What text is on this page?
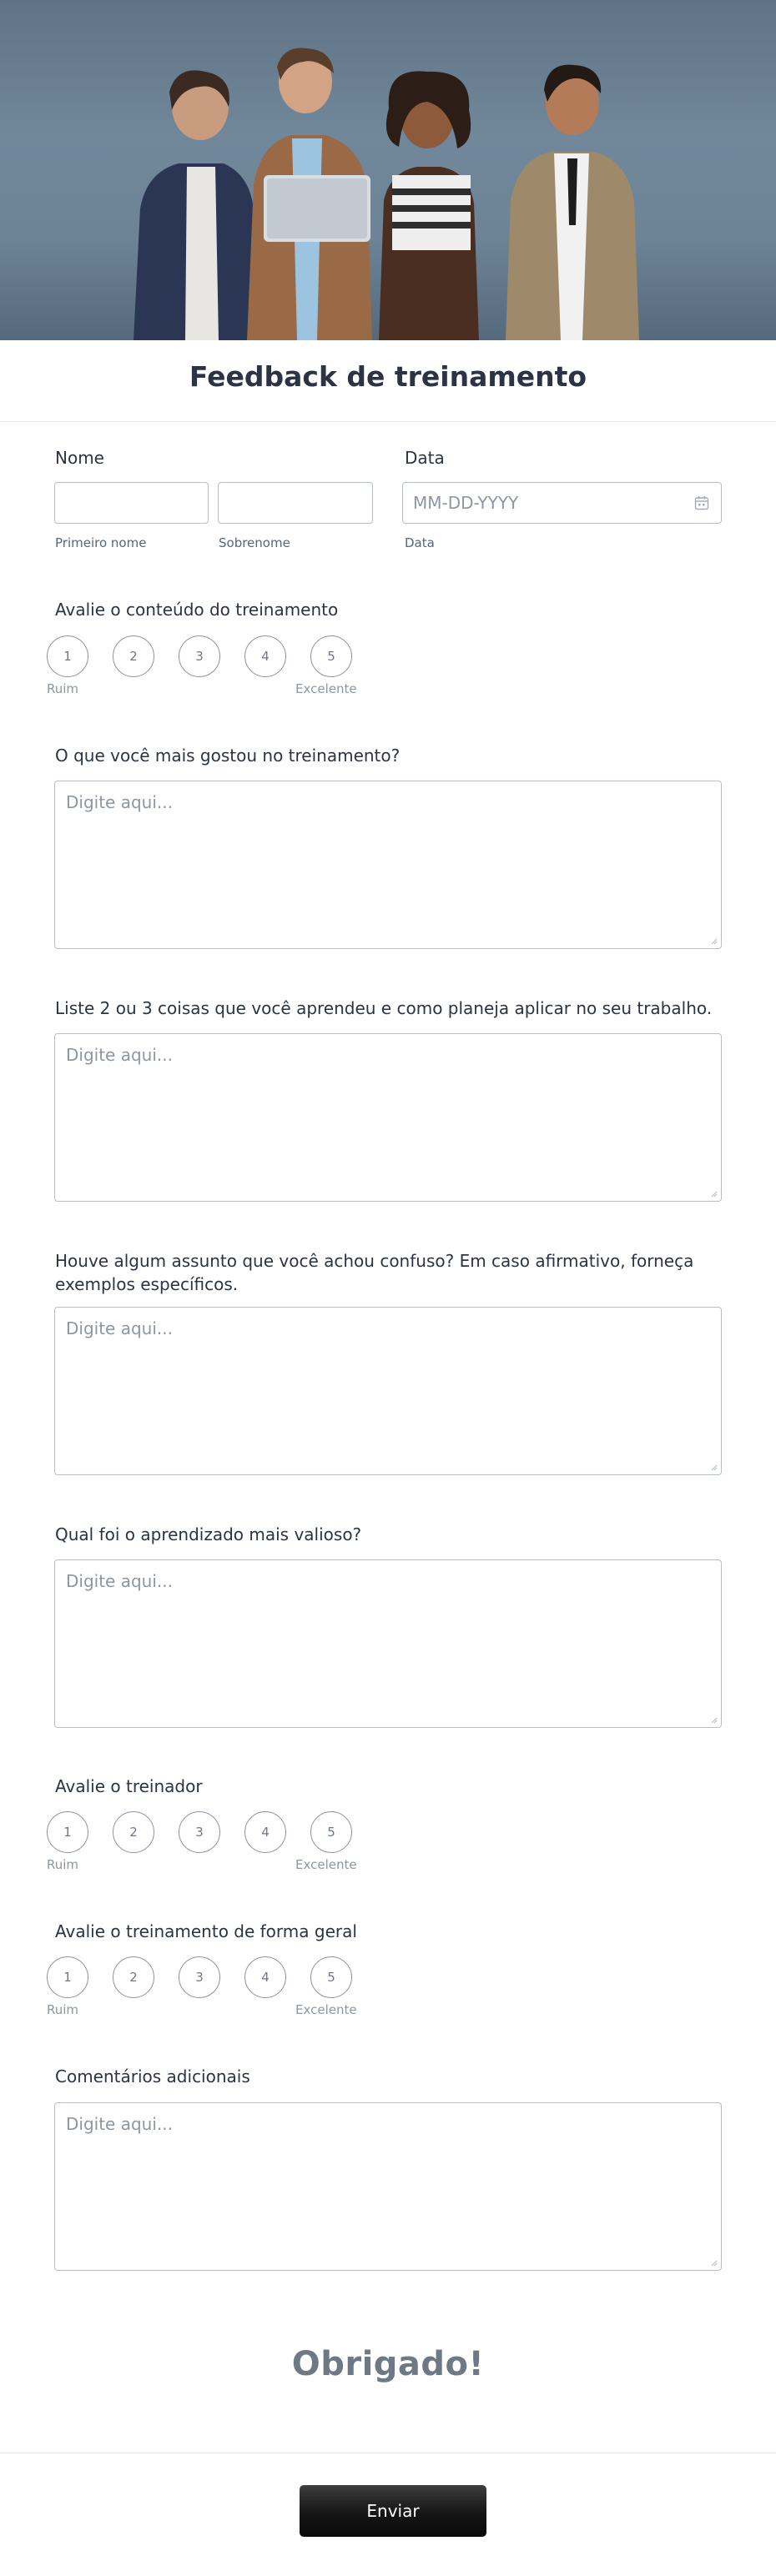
Feedback de treinamento
Nome
Primeiro nome	Sobrenome
Data
MM-DD-YYYY
Data
Avalie o conteúdo do treinamento
1	2	3	4	5
Ruim	Excelente
O que você mais gostou no treinamento?
Digite aqui...
Liste 2 ou 3 coisas que você aprendeu e como planeja aplicar no seu trabalho.
Digite aqui...
Houve algum assunto que você achou confuso? Em caso afirmativo, forneça exemplos específicos.
Digite aqui...
Qual foi o aprendizado mais valioso?
Digite aqui...
Avalie o treinador
1	2	3	4	5
Ruim	Excelente
Avalie o treinamento de forma geral
1	2	3	4	5
Ruim	Excelente
Comentários adicionais
Digite aqui...
Obrigado!
Enviar
